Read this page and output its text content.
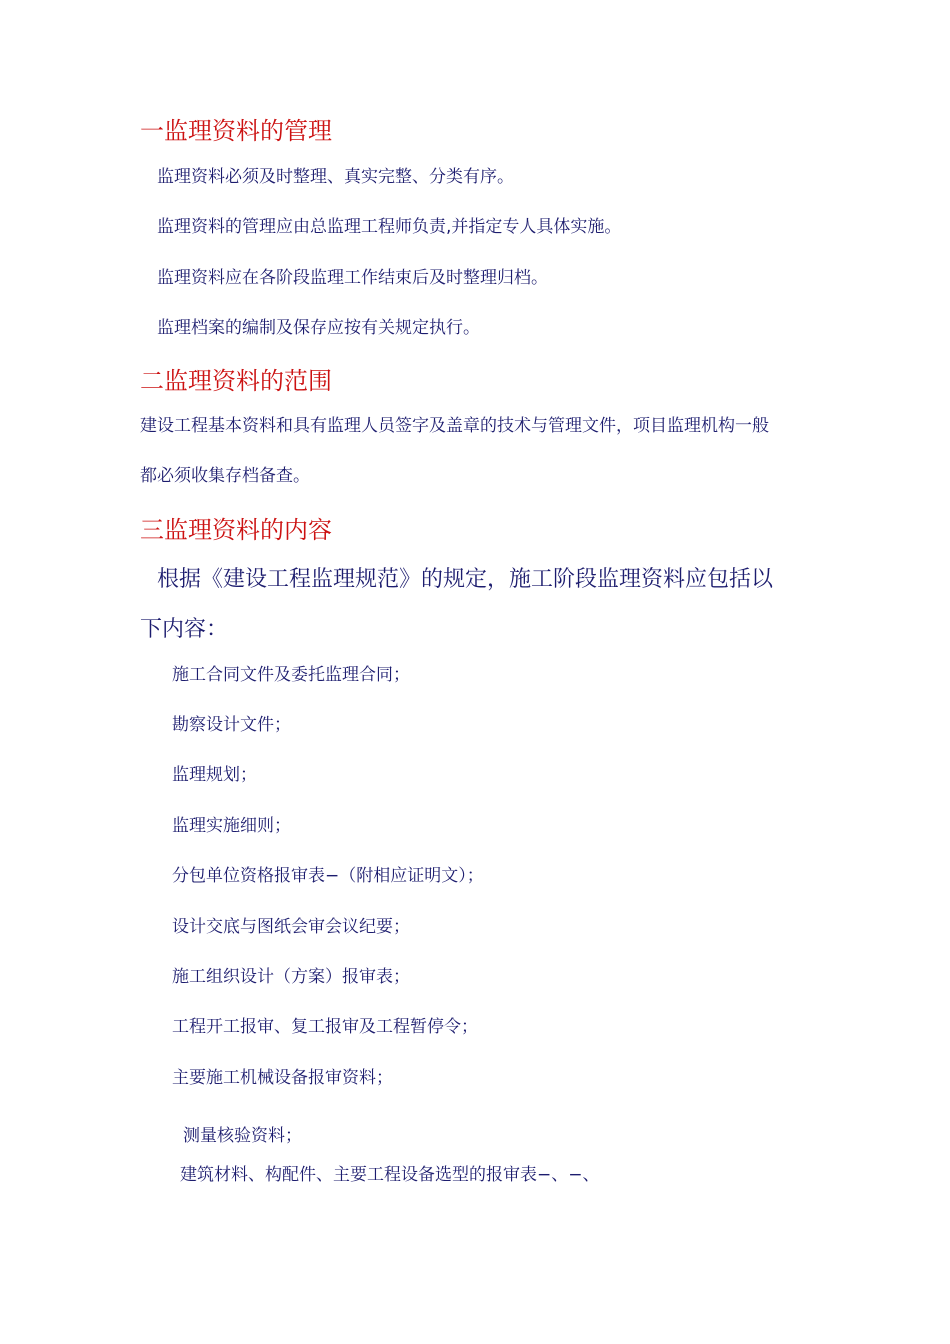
一监理资料的管理
监理资料必须及时整理、真实完整、分类有序。
监理资料的管理应由总监理工程师负责,并指定专人具体实施。
监理资料应在各阶段监理工作结束后及时整理归档。
监理档案的编制及保存应按有关规定执行。
二监理资料的范围
建设工程基本资料和具有监理人员签字及盖章的技术与管理文件，项目监理机构一般
都必须收集存档备查。
三监理资料的内容
根据《建设工程监理规范》的规定，施工阶段监理资料应包括以
下内容：
施工合同文件及委托监理合同；
勘察设计文件；
监理规划；
监理实施细则；
分包单位资格报审表−（附相应证明文）；
设计交底与图纸会审会议纪要；
施工组织设计（方案）报审表；
工程开工报审、复工报审及工程暂停令；
主要施工机械设备报审资料；
测量核验资料；
建筑材料、构配件、主要工程设备选型的报审表−、−、
